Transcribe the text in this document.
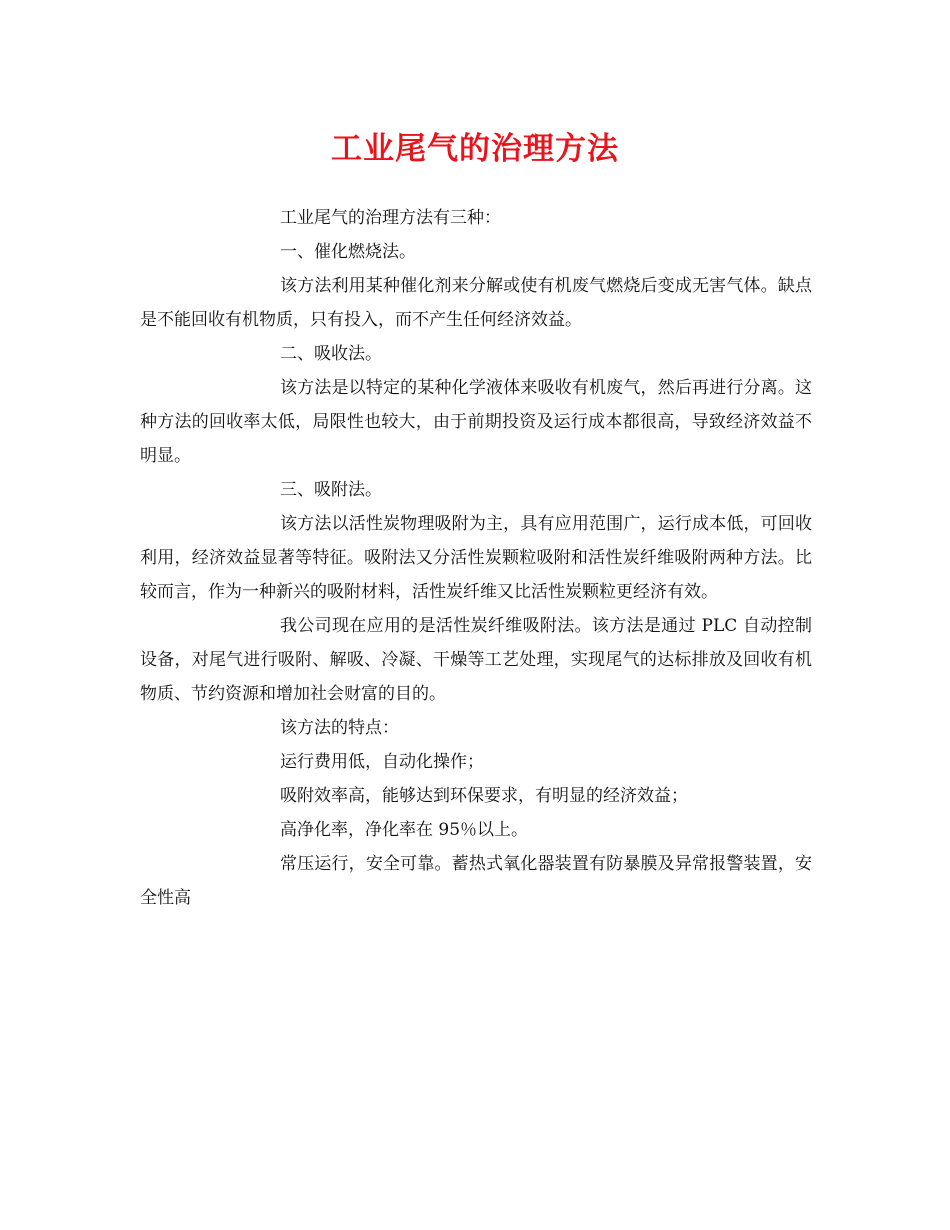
工业尾气的治理方法

工业尾气的治理方法有三种：

一、催化燃烧法。

该方法利用某种催化剂来分解或使有机废气燃烧后变成无害气体。缺点是不能回收有机物质，只有投入，而不产生任何经济效益。

二、吸收法。

该方法是以特定的某种化学液体来吸收有机废气，然后再进行分离。这种方法的回收率太低，局限性也较大，由于前期投资及运行成本都很高，导致经济效益不明显。

三、吸附法。

该方法以活性炭物理吸附为主，具有应用范围广，运行成本低，可回收利用，经济效益显著等特征。吸附法又分活性炭颗粒吸附和活性炭纤维吸附两种方法。比较而言，作为一种新兴的吸附材料，活性炭纤维又比活性炭颗粒更经济有效。

我公司现在应用的是活性炭纤维吸附法。该方法是通过 PLC 自动控制设备，对尾气进行吸附、解吸、冷凝、干燥等工艺处理，实现尾气的达标排放及回收有机物质、节约资源和增加社会财富的目的。

该方法的特点：

运行费用低，自动化操作；

吸附效率高，能够达到环保要求，有明显的经济效益；

高净化率，净化率在 95％以上。

常压运行，安全可靠。蓄热式氧化器装置有防暴膜及异常报警装置，安全性高
